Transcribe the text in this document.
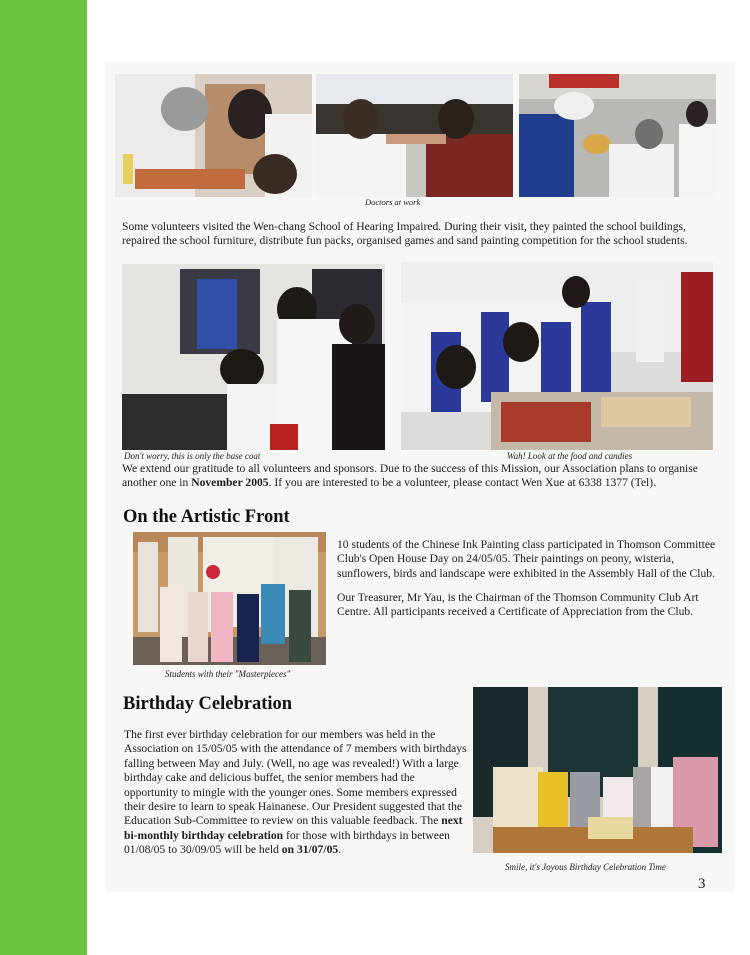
Doctors at work
Some volunteers visited the Wen-chang School of Hearing Impaired. During their visit, they painted the school buildings, repaired the school furniture, distribute fun packs, organised games and sand painting competition for the school students.
Don't worry, this is only the base coat	Wah! Look at the food and candies
We extend our gratitude to all volunteers and sponsors. Due to the success of this Mission, our Association plans to organise another one in November 2005. If you are interested to be a volunteer, please contact Wen Xue at 6338 1377 (Tel).
On the Artistic Front
Students with their "Masterpieces"
10 students of the Chinese Ink Painting class participated in Thomson Committee Club's Open House Day on 24/05/05. Their paintings on peony, wisteria, sunflowers, birds and landscape were exhibited in the Assembly Hall of the Club.
Our Treasurer, Mr Yau, is the Chairman of the Thomson Community Club Art Centre. All participants received a Certificate of Appreciation from the Club.
Birthday Celebration
The first ever birthday celebration for our members was held in the Association on 15/05/05 with the attendance of 7 members with birthdays falling between May and July. (Well, no age was revealed!) With a large birthday cake and delicious buffet, the senior members had the opportunity to mingle with the younger ones. Some members expressed their desire to learn to speak Hainanese. Our President suggested that the Education Sub-Committee to review on this valuable feedback. The next bi-monthly birthday celebration for those with birthdays in between 01/08/05 to 30/09/05 will be held on 31/07/05.
Smile, it's Joyous Birthday Celebration Time
3
